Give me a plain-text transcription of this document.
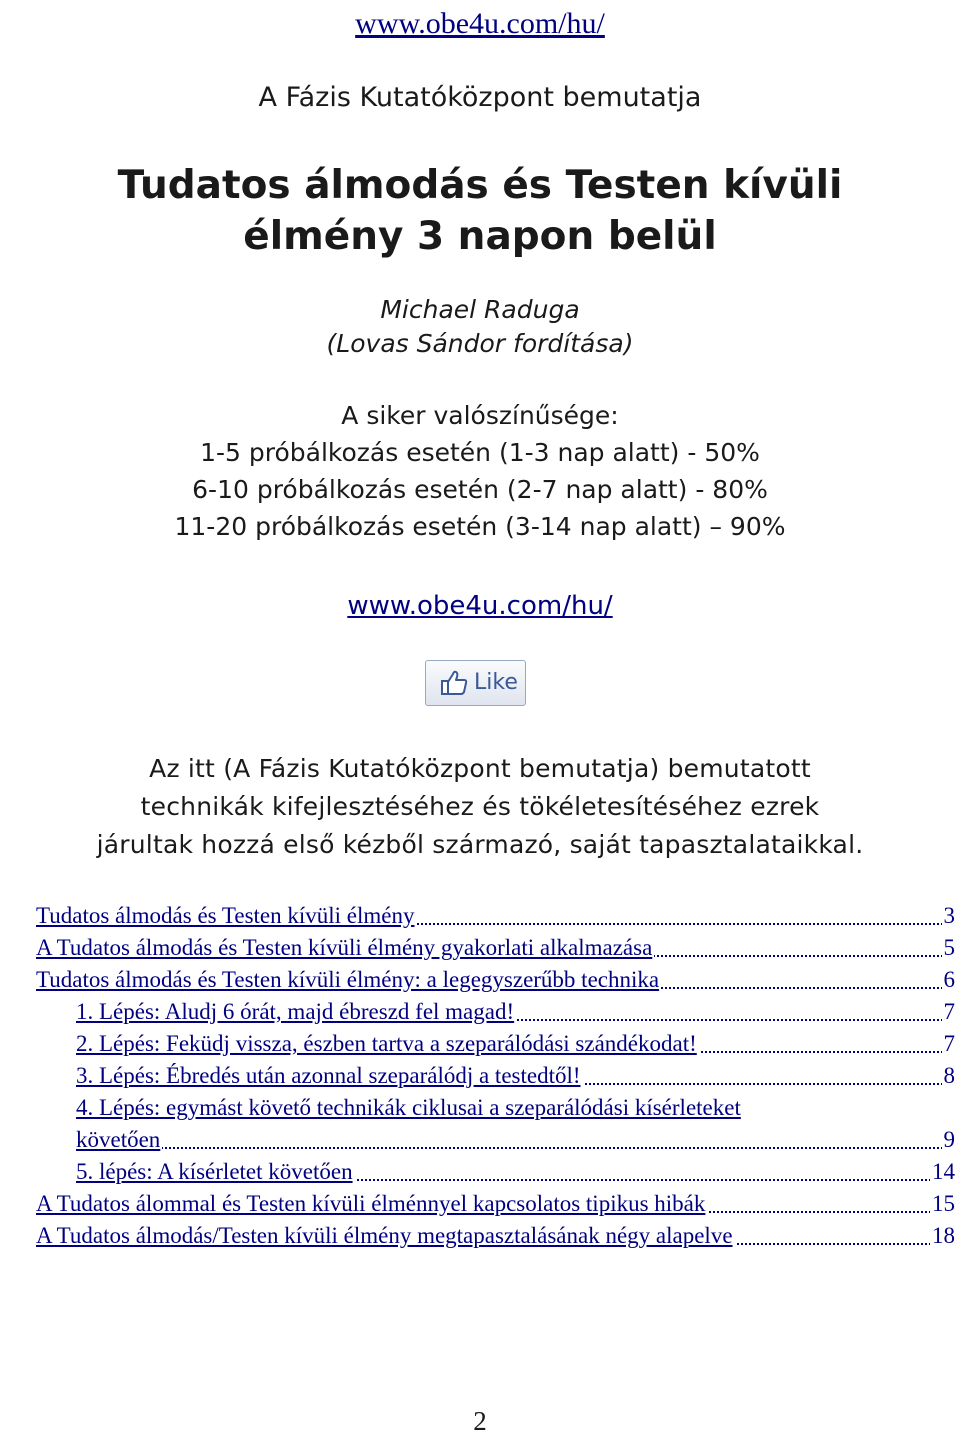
www.obe4u.com/hu/
A Fázis Kutatóközpont bemutatja
Tudatos álmodás és Testen kívüli
élmény 3 napon belül
Michael Raduga
(Lovas Sándor fordítása)
A siker valószínűsége:
1-5 próbálkozás esetén (1-3 nap alatt) - 50%
6-10 próbálkozás esetén (2-7 nap alatt) - 80%
11-20 próbálkozás esetén (3-14 nap alatt) – 90%
www.obe4u.com/hu/
Like
Az itt (A Fázis Kutatóközpont bemutatja) bemutatott
technikák kifejlesztéséhez és tökéletesítéséhez ezrek
járultak hozzá első kézből származó, saját tapasztalataikkal.
Tudatos álmodás és Testen kívüli élmény	3
A Tudatos álmodás és Testen kívüli élmény gyakorlati alkalmazása	5
Tudatos álmodás és Testen kívüli élmény: a legegyszerűbb technika	6
1. Lépés: Aludj 6 órát, majd ébreszd fel magad!	7
2. Lépés: Feküdj vissza, észben tartva a szeparálódási szándékodat!	7
3. Lépés: Ébredés után azonnal szeparálódj a testedtől!	8
4. Lépés: egymást követő technikák ciklusai a szeparálódási kísérleteket
követően	9
5. lépés: A kísérletet követően	14
A Tudatos álommal és Testen kívüli élménnyel kapcsolatos tipikus hibák	15
A Tudatos álmodás/Testen kívüli élmény megtapasztalásának négy alapelve	18
2
